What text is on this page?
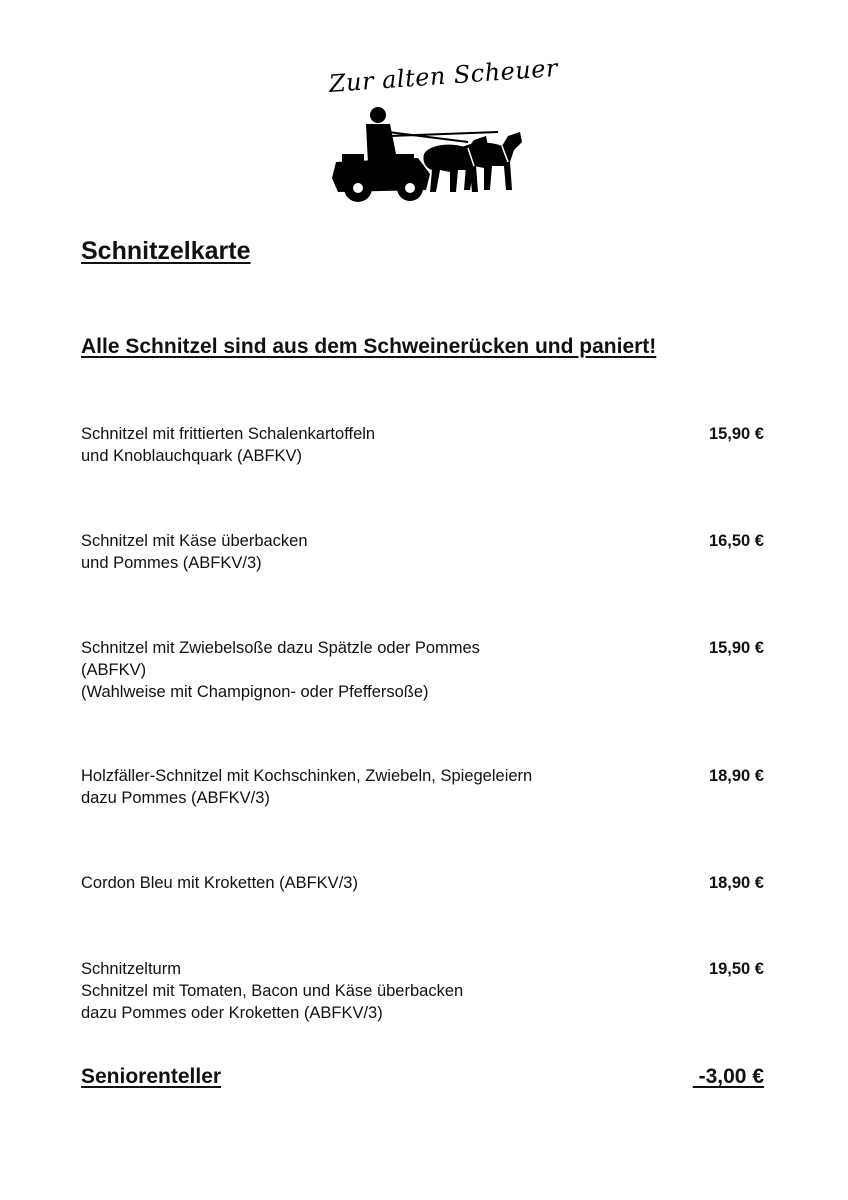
Zur alten Scheuer
Schnitzelkarte
Alle Schnitzel sind aus dem Schweinerücken und paniert!
Schnitzel mit frittierten Schalenkartoffeln
und Knoblauchquark (ABFKV)
15,90 €
Schnitzel mit Käse überbacken
und Pommes (ABFKV/3)
16,50 €
Schnitzel mit Zwiebelsoße dazu Spätzle oder Pommes
(ABFKV)
(Wahlweise mit Champignon- oder Pfeffersoße)
15,90 €
Holzfäller-Schnitzel mit Kochschinken, Zwiebeln, Spiegeleiern
dazu Pommes (ABFKV/3)
18,90 €
Cordon Bleu mit Kroketten (ABFKV/3)	18,90 €
Schnitzelturm
Schnitzel mit Tomaten, Bacon und Käse überbacken
dazu Pommes oder Kroketten (ABFKV/3)
19,50 €
Seniorenteller	-3,00 €
